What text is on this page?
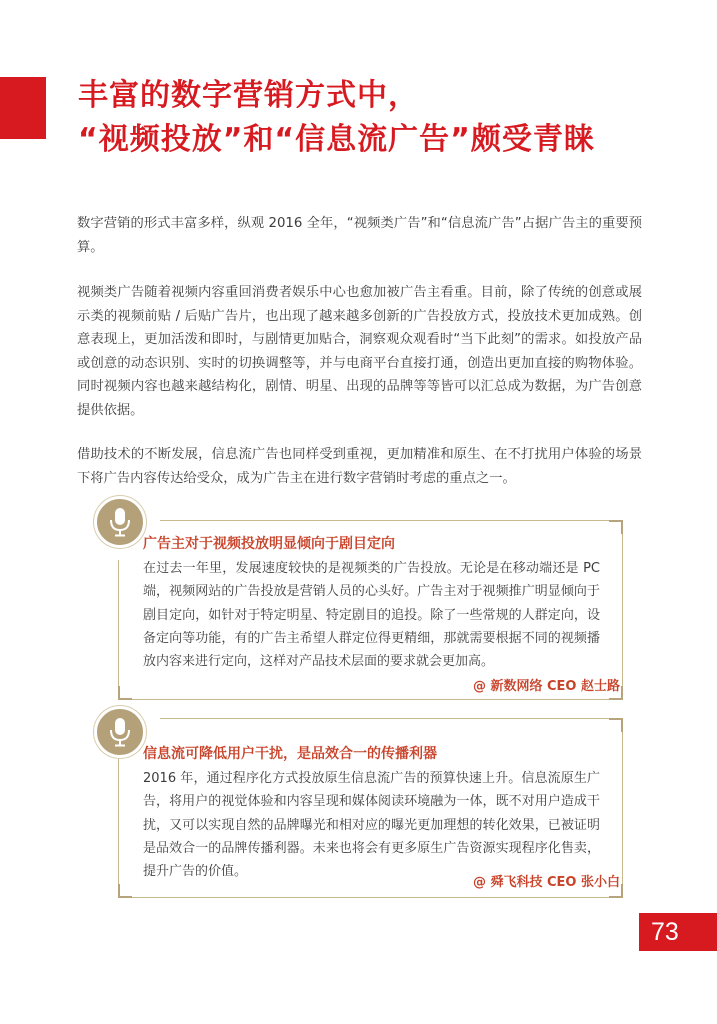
丰富的数字营销方式中，
“视频投放”和“信息流广告”颇受青睐

数字营销的形式丰富多样，纵观 2016 全年，“视频类广告”和“信息流广告”占据广告主的重要预算。

视频类广告随着视频内容重回消费者娱乐中心也愈加被广告主看重。目前，除了传统的创意或展示类的视频前贴 / 后贴广告片，也出现了越来越多创新的广告投放方式，投放技术更加成熟。创意表现上，更加活泼和即时，与剧情更加贴合，洞察观众观看时“当下此刻”的需求。如投放产品或创意的动态识别、实时的切换调整等，并与电商平台直接打通，创造出更加直接的购物体验。同时视频内容也越来越结构化，剧情、明星、出现的品牌等等皆可以汇总成为数据，为广告创意提供依据。

借助技术的不断发展，信息流广告也同样受到重视，更加精准和原生、在不打扰用户体验的场景下将广告内容传达给受众，成为广告主在进行数字营销时考虑的重点之一。

广告主对于视频投放明显倾向于剧目定向

在过去一年里，发展速度较快的是视频类的广告投放。无论是在移动端还是 PC 端，视频网站的广告投放是营销人员的心头好。广告主对于视频推广明显倾向于剧目定向，如针对于特定明星、特定剧目的追投。除了一些常规的人群定向，设备定向等功能，有的广告主希望人群定位得更精细，那就需要根据不同的视频播放内容来进行定向，这样对产品技术层面的要求就会更加高。

@ 新数网络 CEO 赵士路
信息流可降低用户干扰，是品效合一的传播利器

2016 年，通过程序化方式投放原生信息流广告的预算快速上升。信息流原生广告，将用户的视觉体验和内容呈现和媒体阅读环境融为一体，既不对用户造成干扰，又可以实现自然的品牌曝光和相对应的曝光更加理想的转化效果，已被证明是品效合一的品牌传播利器。未来也将会有更多原生广告资源实现程序化售卖，提升广告的价值。

@ 舜飞科技 CEO 张小白
73
